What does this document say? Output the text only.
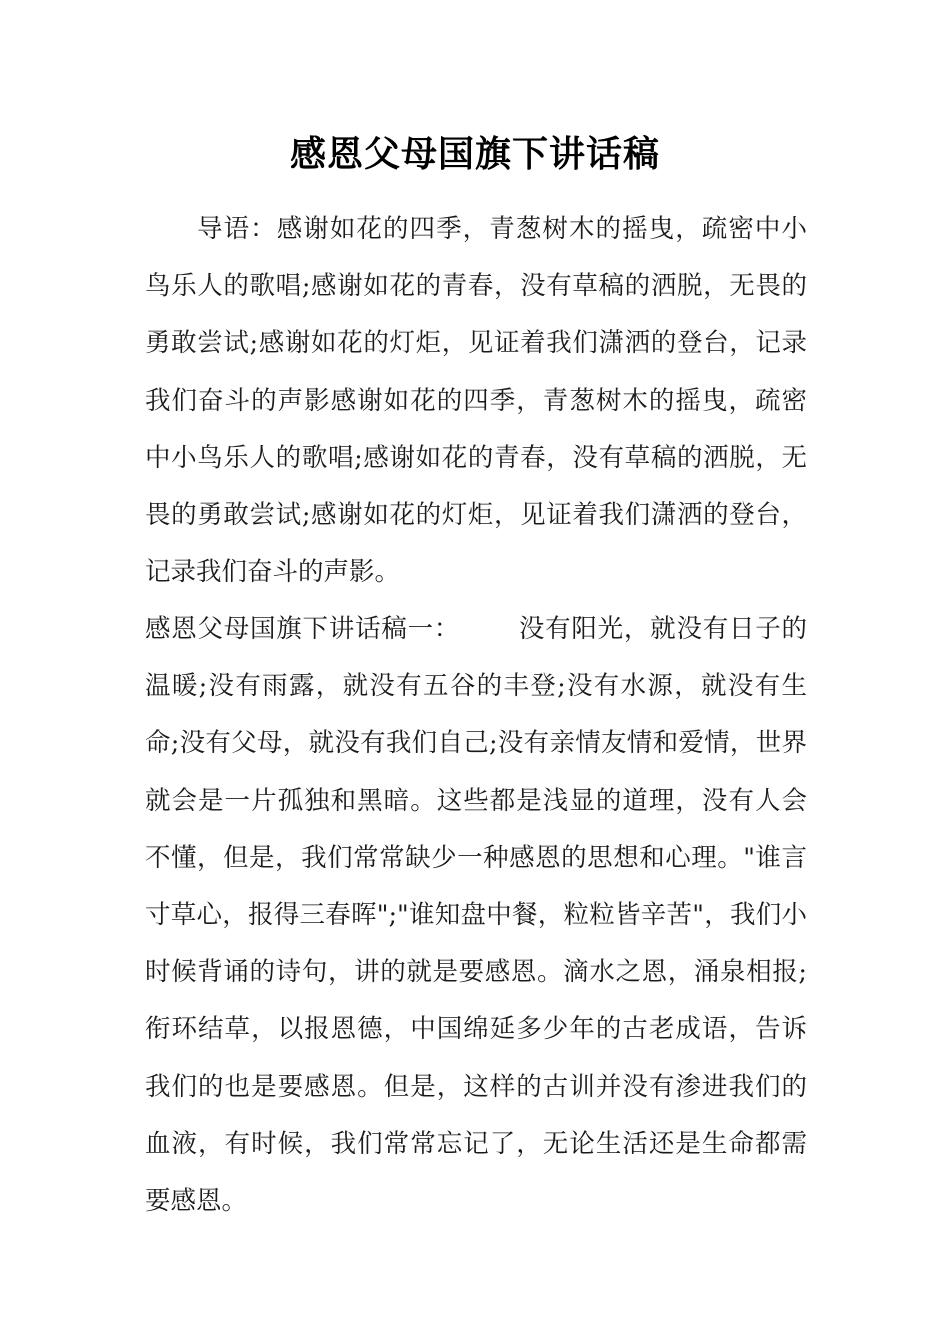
感恩父母国旗下讲话稿

导语：感谢如花的四季，青葱树木的摇曳，疏密中小鸟乐人的歌唱;感谢如花的青春，没有草稿的洒脱，无畏的勇敢尝试;感谢如花的灯炬，见证着我们潇洒的登台，记录我们奋斗的声影感谢如花的四季，青葱树木的摇曳，疏密中小鸟乐人的歌唱;感谢如花的青春，没有草稿的洒脱，无畏的勇敢尝试;感谢如花的灯炬，见证着我们潇洒的登台，记录我们奋斗的声影。

感恩父母国旗下讲话稿一： 没有阳光，就没有日子的温暖;没有雨露，就没有五谷的丰登;没有水源，就没有生命;没有父母，就没有我们自己;没有亲情友情和爱情，世界就会是一片孤独和黑暗。这些都是浅显的道理，没有人会不懂，但是，我们常常缺少一种感恩的思想和心理。"谁言寸草心，报得三春晖";"谁知盘中餐，粒粒皆辛苦"，我们小时候背诵的诗句，讲的就是要感恩。滴水之恩，涌泉相报;衔环结草，以报恩德，中国绵延多少年的古老成语，告诉我们的也是要感恩。但是，这样的古训并没有渗进我们的血液，有时候，我们常常忘记了，无论生活还是生命都需要感恩。
